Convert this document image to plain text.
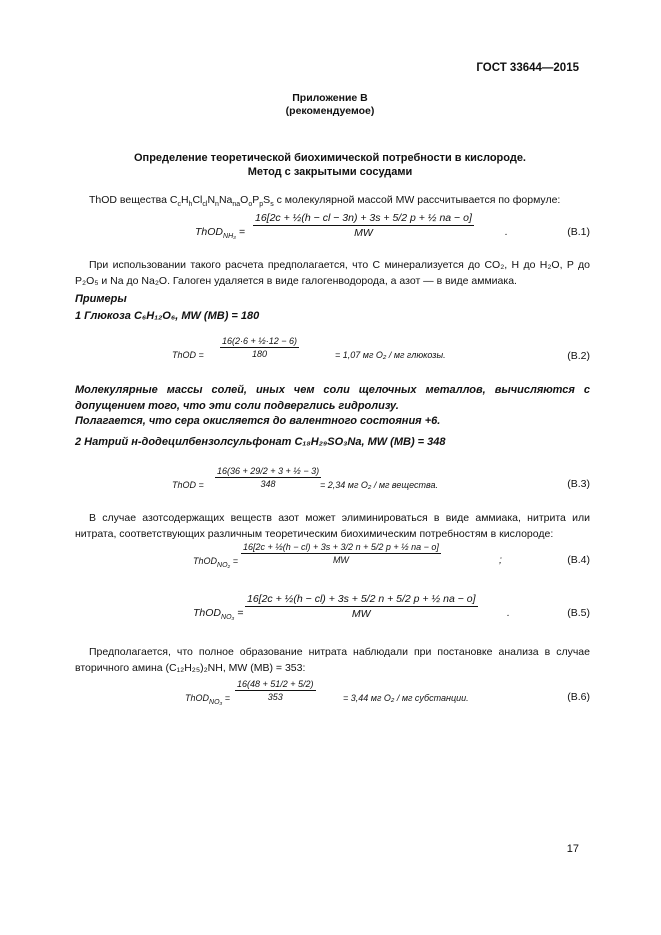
ГОСТ 33644—2015
Приложение В
(рекомендуемое)
Определение теоретической биохимической потребности в кислороде.
Метод с закрытыми сосудами
ThOD вещества $C_cH_hCl_{cl}N_nNa_{na}O_oP_pS_s$ с молекулярной массой MW рассчитывается по формуле:
ThOD$_{NH_3}$ = $\frac{\text{16[2c + ½(h − cl − 3n) + 3s + 5/2 p + ½ na − o]}}{MW}$	.	(B.1)
При использовании такого расчета предполагается, что C минерализуется до CO₂, H до H₂O, P до P₂O₅ и Na до Na₂O. Галоген удаляется в виде галогенводорода, а азот — в виде аммиака.
Примеры
1 Глюкоза C₆H₁₂O₆, MW (MB) = 180
ThOD = $\frac{\text{16(2·6 + ½·12 − 6)}}{180}$	= 1,07 мг O₂ / мг глюкозы.	(B.2)
Молекулярные массы солей, иных чем соли щелочных металлов, вычисляются с допущением того, что эти соли подверглись гидролизу.
Полагается, что сера окисляется до валентного состояния +6.
2 Натрий н-додецилбензолсульфонат C₁₈H₂₉SO₃Na, MW (MB) = 348
ThOD = $\frac{\text{16(36 + 29/2 + 3 + ½ − 3)}}{348}$
= 2,34 мг O₂ / мг вещества.	(B.3)
В случае азотсодержащих веществ азот может элиминироваться в виде аммиака, нитрита или нитрата, соответствующих различным теоретическим биохимическим потребностям в кислороде:
ThOD$_{NO_2}$ = $\frac{\text{16[2c + ½(h − cl) + 3s + 3/2 n + 5/2 p + ½ na − o]}}{MW}$	;	(B.4)
ThOD$_{NO_3}$ = $\frac{\text{16[2c + ½(h − cl) + 3s + 5/2 n + 5/2 p + ½ na − o]}}{MW}$	.	(B.5)
Предполагается, что полное образование нитрата наблюдали при постановке анализа в случае вторичного амина (C₁₂H₂₅)₂NH, MW (MB) = 353:
ThOD$_{NO_3}$ = $\frac{16(48 + 51/2 + 5/2)}{353}$	= 3,44 мг O₂ / мг субстанции.	(B.6)
17
